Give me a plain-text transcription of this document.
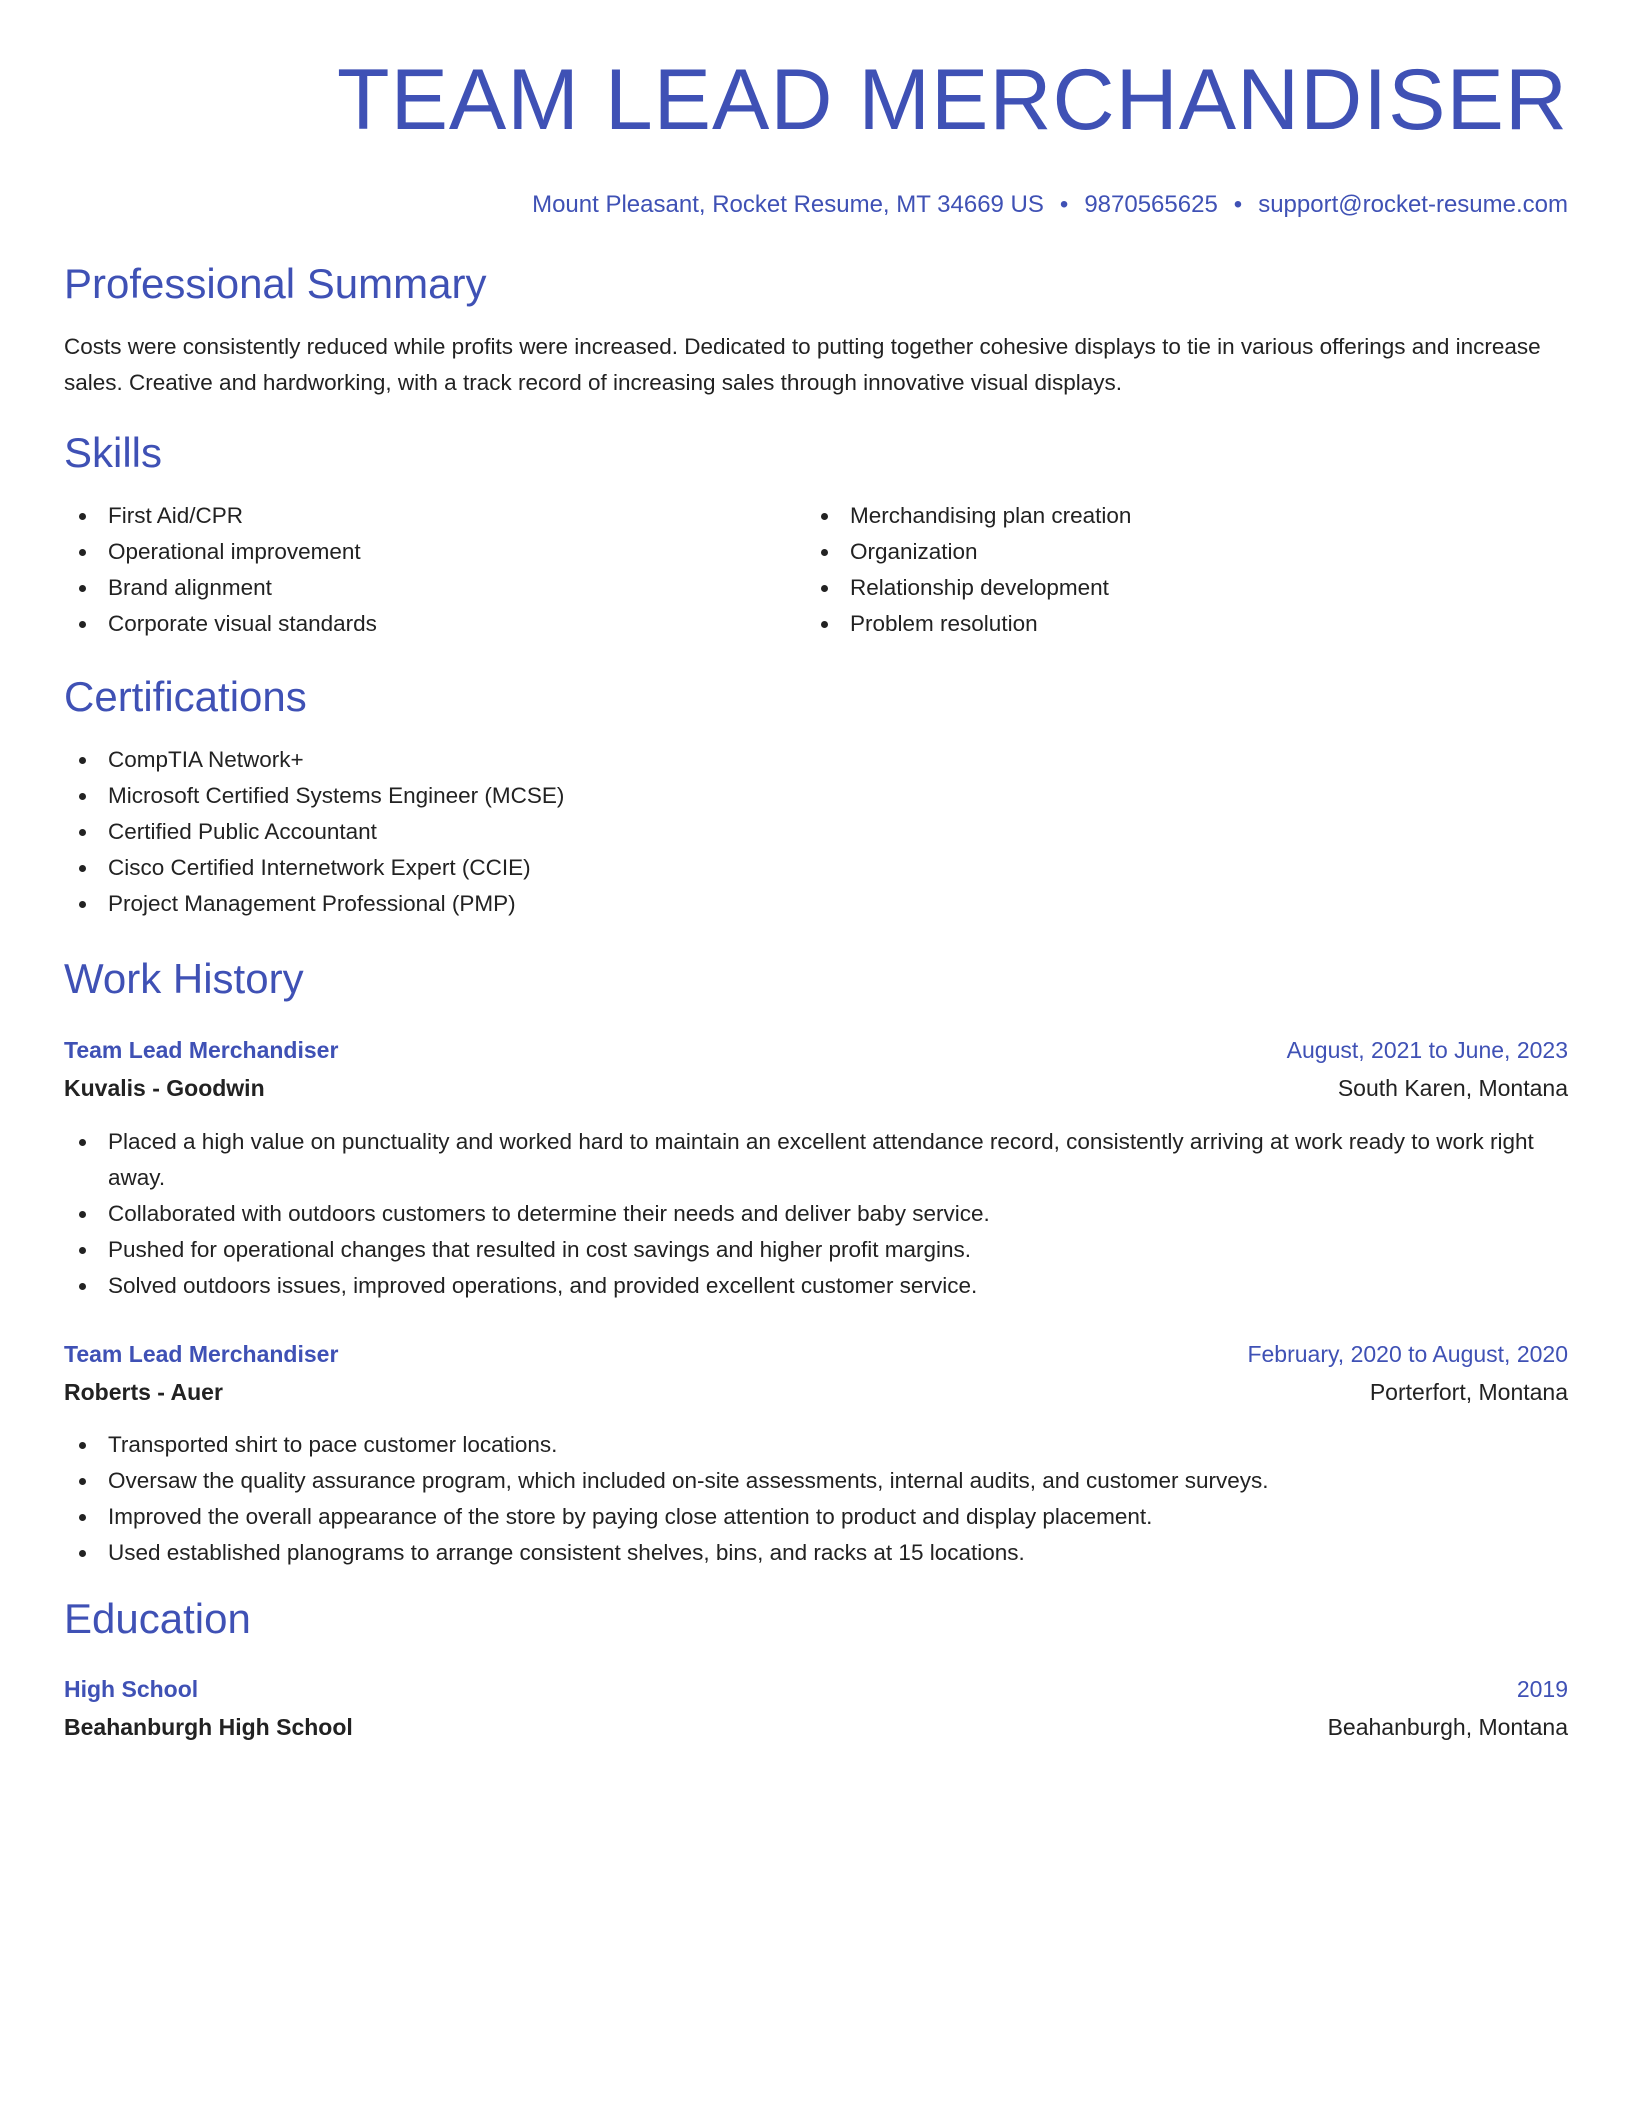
TEAM LEAD MERCHANDISER
Mount Pleasant, Rocket Resume, MT 34669 US • 9870565625 • support@rocket-resume.com
Professional Summary
Costs were consistently reduced while profits were increased. Dedicated to putting together cohesive displays to tie in various offerings and increase sales. Creative and hardworking, with a track record of increasing sales through innovative visual displays.
Skills
First Aid/CPR
Operational improvement
Brand alignment
Corporate visual standards
Merchandising plan creation
Organization
Relationship development
Problem resolution
Certifications
CompTIA Network+
Microsoft Certified Systems Engineer (MCSE)
Certified Public Accountant
Cisco Certified Internetwork Expert (CCIE)
Project Management Professional (PMP)
Work History
Team Lead Merchandiser	August, 2021 to June, 2023
Kuvalis - Goodwin	South Karen, Montana
Placed a high value on punctuality and worked hard to maintain an excellent attendance record, consistently arriving at work ready to work right away.
Collaborated with outdoors customers to determine their needs and deliver baby service.
Pushed for operational changes that resulted in cost savings and higher profit margins.
Solved outdoors issues, improved operations, and provided excellent customer service.
Team Lead Merchandiser	February, 2020 to August, 2020
Roberts - Auer	Porterfort, Montana
Transported shirt to pace customer locations.
Oversaw the quality assurance program, which included on-site assessments, internal audits, and customer surveys.
Improved the overall appearance of the store by paying close attention to product and display placement.
Used established planograms to arrange consistent shelves, bins, and racks at 15 locations.
Education
High School	2019
Beahanburgh High School	Beahanburgh, Montana
